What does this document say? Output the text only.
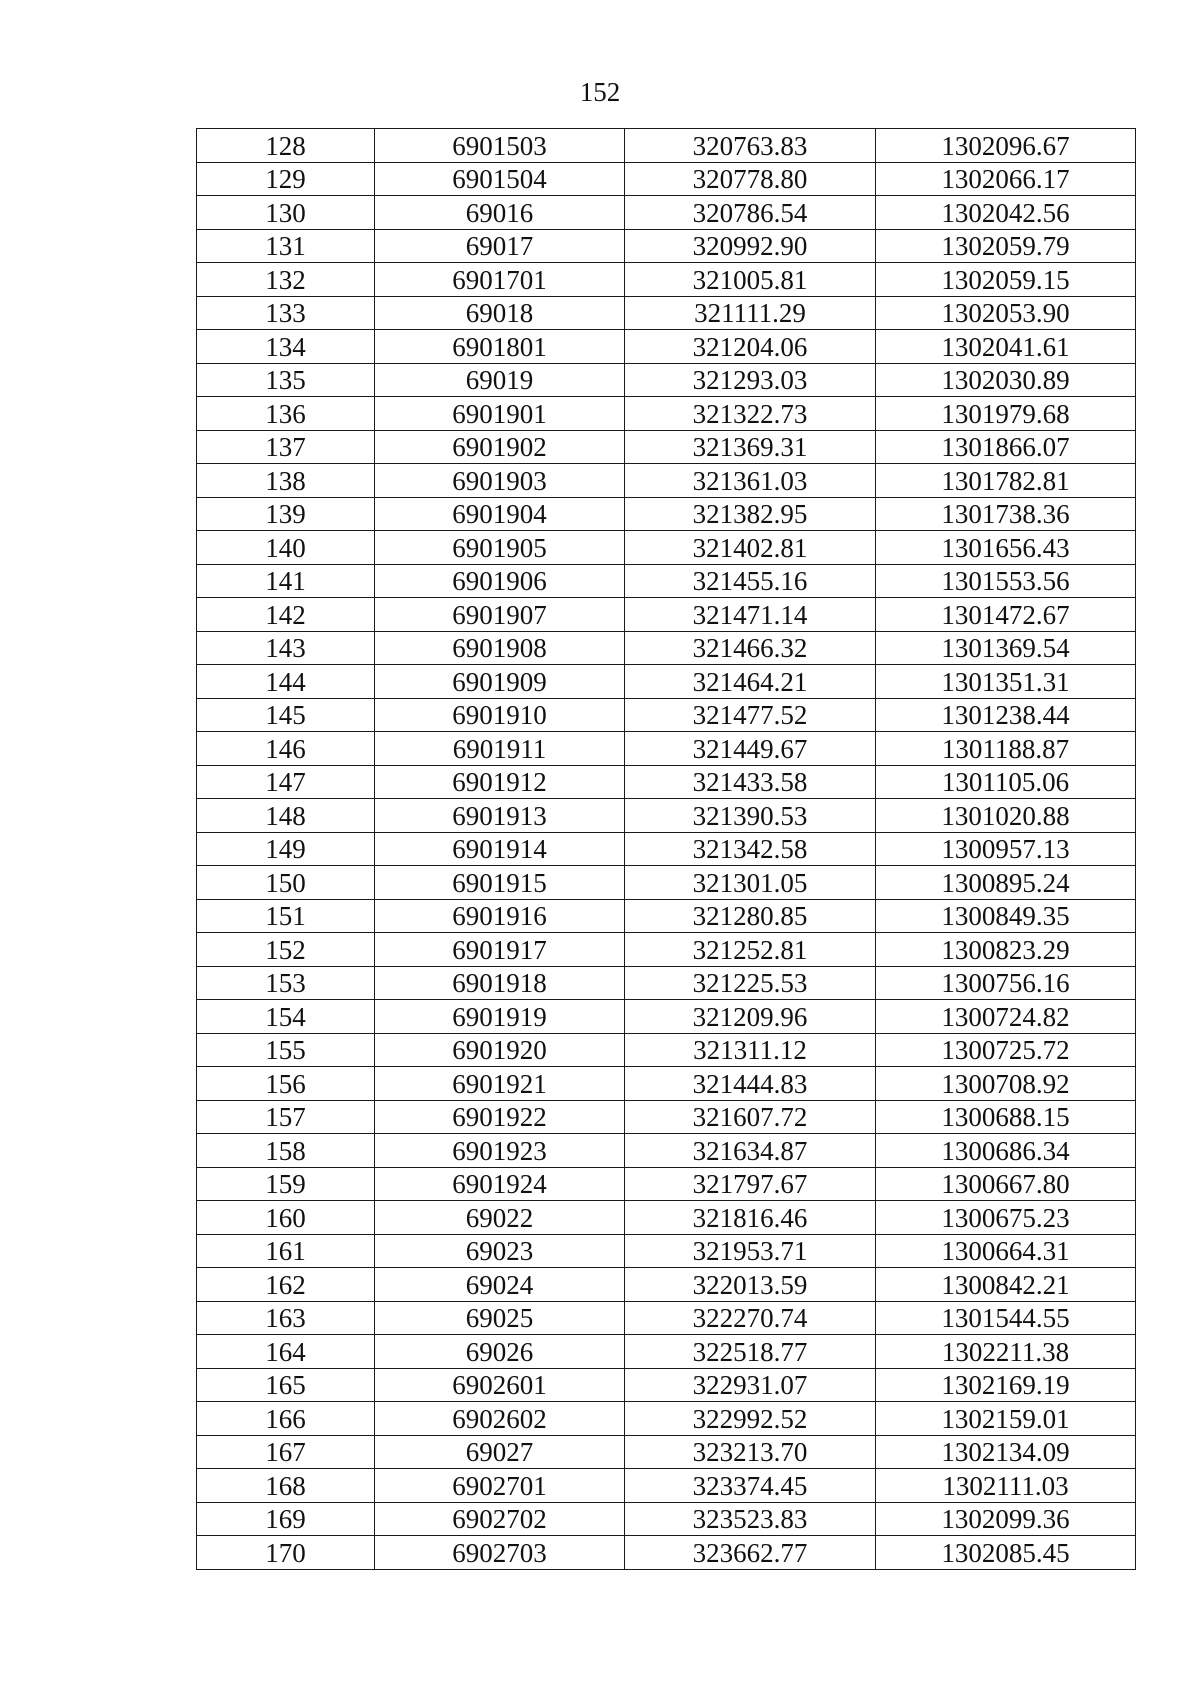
152
128	6901503	320763.83	1302096.67
129	6901504	320778.80	1302066.17
130	69016	320786.54	1302042.56
131	69017	320992.90	1302059.79
132	6901701	321005.81	1302059.15
133	69018	321111.29	1302053.90
134	6901801	321204.06	1302041.61
135	69019	321293.03	1302030.89
136	6901901	321322.73	1301979.68
137	6901902	321369.31	1301866.07
138	6901903	321361.03	1301782.81
139	6901904	321382.95	1301738.36
140	6901905	321402.81	1301656.43
141	6901906	321455.16	1301553.56
142	6901907	321471.14	1301472.67
143	6901908	321466.32	1301369.54
144	6901909	321464.21	1301351.31
145	6901910	321477.52	1301238.44
146	6901911	321449.67	1301188.87
147	6901912	321433.58	1301105.06
148	6901913	321390.53	1301020.88
149	6901914	321342.58	1300957.13
150	6901915	321301.05	1300895.24
151	6901916	321280.85	1300849.35
152	6901917	321252.81	1300823.29
153	6901918	321225.53	1300756.16
154	6901919	321209.96	1300724.82
155	6901920	321311.12	1300725.72
156	6901921	321444.83	1300708.92
157	6901922	321607.72	1300688.15
158	6901923	321634.87	1300686.34
159	6901924	321797.67	1300667.80
160	69022	321816.46	1300675.23
161	69023	321953.71	1300664.31
162	69024	322013.59	1300842.21
163	69025	322270.74	1301544.55
164	69026	322518.77	1302211.38
165	6902601	322931.07	1302169.19
166	6902602	322992.52	1302159.01
167	69027	323213.70	1302134.09
168	6902701	323374.45	1302111.03
169	6902702	323523.83	1302099.36
170	6902703	323662.77	1302085.45
